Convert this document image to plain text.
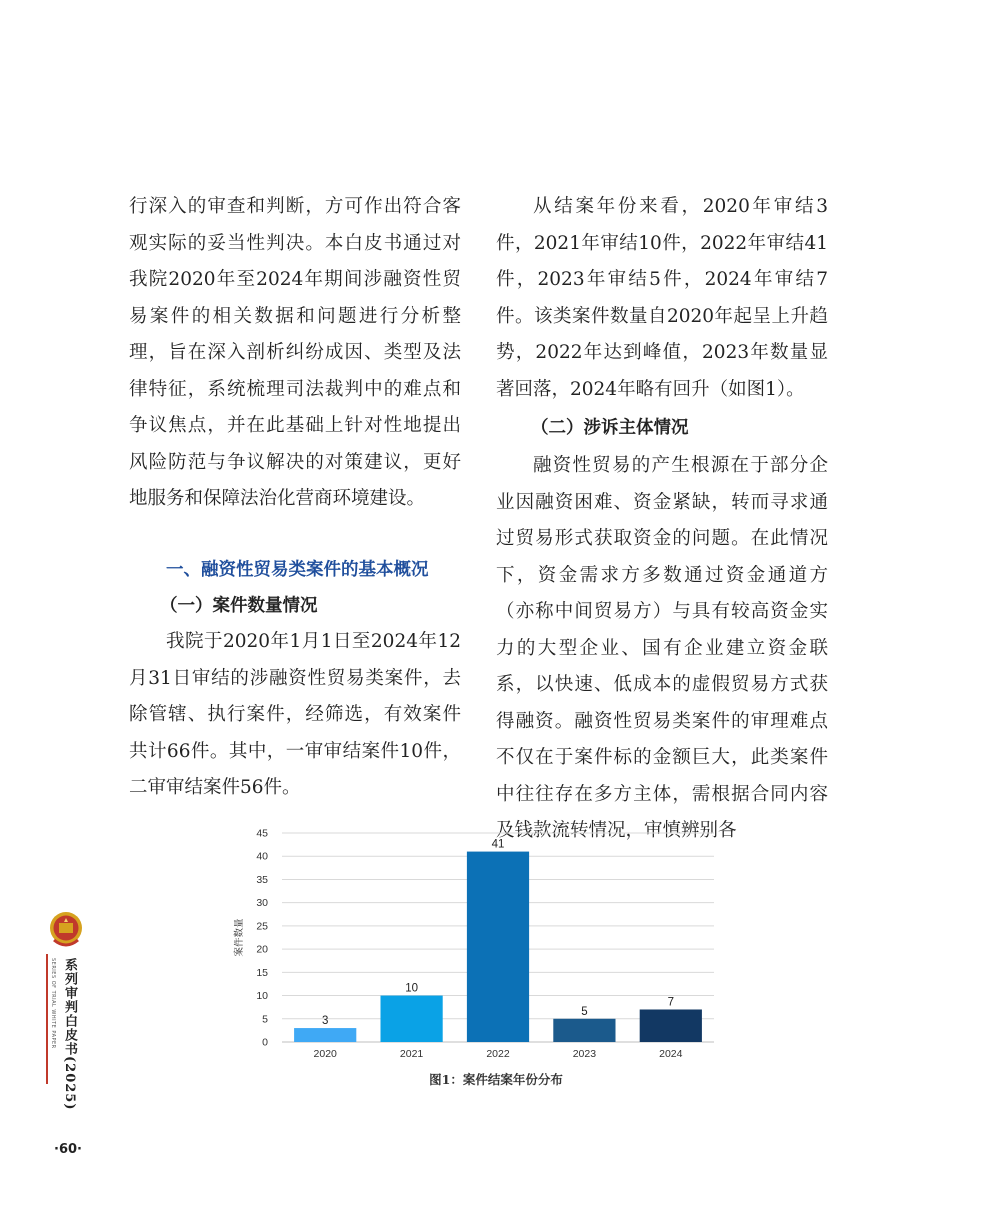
行深入的审查和判断，方可作出符合客观实际的妥当性判决。本白皮书通过对我院2020年至2024年期间涉融资性贸易案件的相关数据和问题进行分析整理，旨在深入剖析纠纷成因、类型及法律特征，系统梳理司法裁判中的难点和争议焦点，并在此基础上针对性地提出风险防范与争议解决的对策建议，更好地服务和保障法治化营商环境建设。

一、融资性贸易类案件的基本概况
（一）案件数量情况

我院于2020年1月1日至2024年12月31日审结的涉融资性贸易类案件，去除管辖、执行案件，经筛选，有效案件共计66件。其中，一审审结案件10件，二审审结案件56件。

从结案年份来看，2020年审结3件，2021年审结10件，2022年审结41件，2023年审结5件，2024年审结7件。该类案件数量自2020年起呈上升趋势，2022年达到峰值，2023年数量显著回落，2024年略有回升（如图1）。

（二）涉诉主体情况

融资性贸易的产生根源在于部分企业因融资困难、资金紧缺，转而寻求通过贸易形式获取资金的问题。在此情况下，资金需求方多数通过资金通道方（亦称中间贸易方）与具有较高资金实力的大型企业、国有企业建立资金联系，以快速、低成本的虚假贸易方式获得融资。融资性贸易类案件的审理难点不仅在于案件标的金额巨大，此类案件中往往存在多方主体，需根据合同内容及钱款流转情况，审慎辨别各

0
5
10
15
20
25
30
35
40
45
案件数量
3
2020
10
2021
41
2022
5
2023
7
2024
图1：案件结案年份分布
系列审判白皮书(2025)
SERIES OF TRIAL WHITE PAPER
·60·
